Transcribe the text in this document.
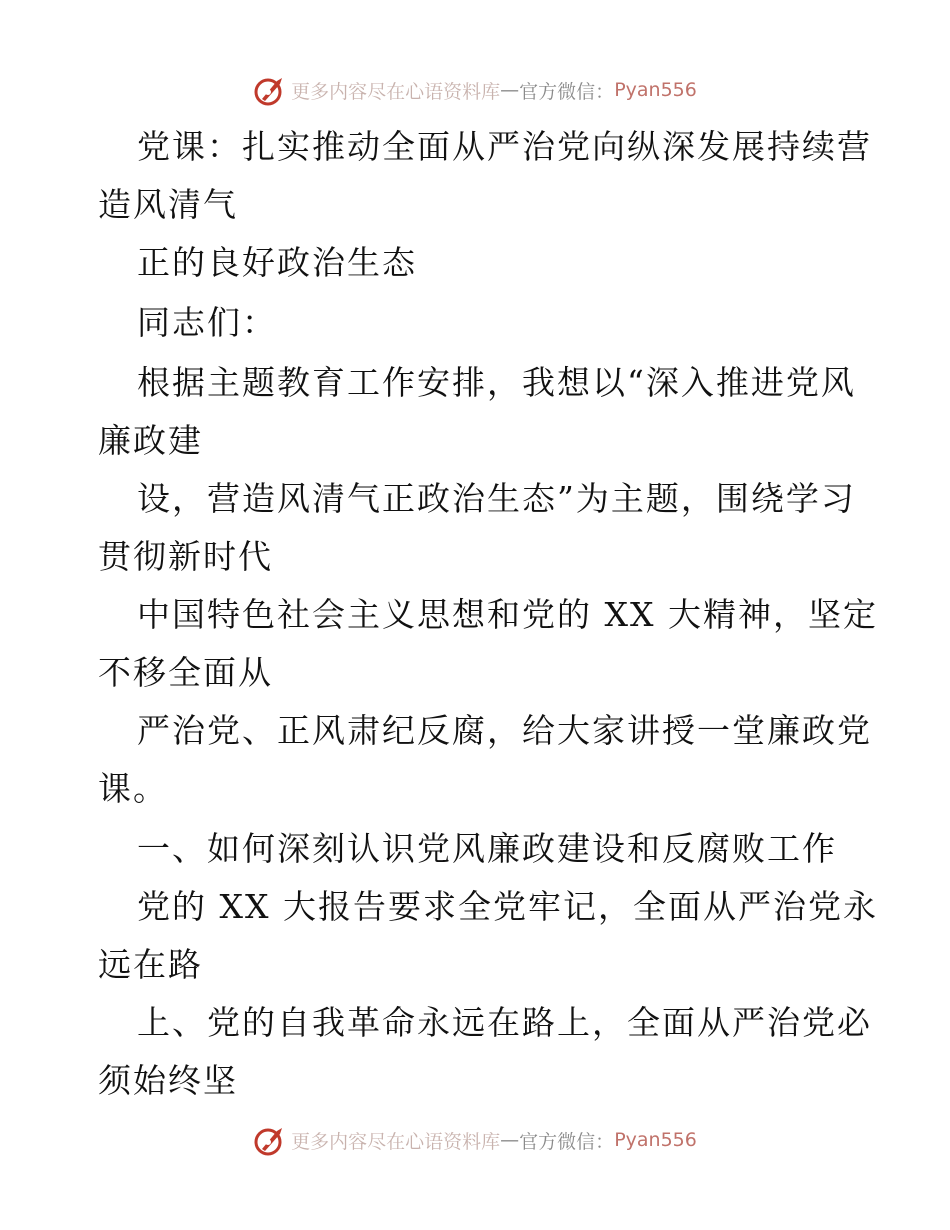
更多内容尽在心语资料库 — 官方微信： Pyan556
党课：扎实推动全面从严治党向纵深发展持续营
造风清气
正的良好政治生态
同志们：
根据主题教育工作安排，我想以“深入推进党风
廉政建
设，营造风清气正政治生态”为主题，围绕学习
贯彻新时代
中国特色社会主义思想和党的 XX 大精神，坚定
不移全面从
严治党、正风肃纪反腐，给大家讲授一堂廉政党
课。
一、如何深刻认识党风廉政建设和反腐败工作
党的 XX 大报告要求全党牢记，全面从严治党永
远在路
上、党的自我革命永远在路上，全面从严治党必
须始终坚
更多内容尽在心语资料库 — 官方微信： Pyan556
